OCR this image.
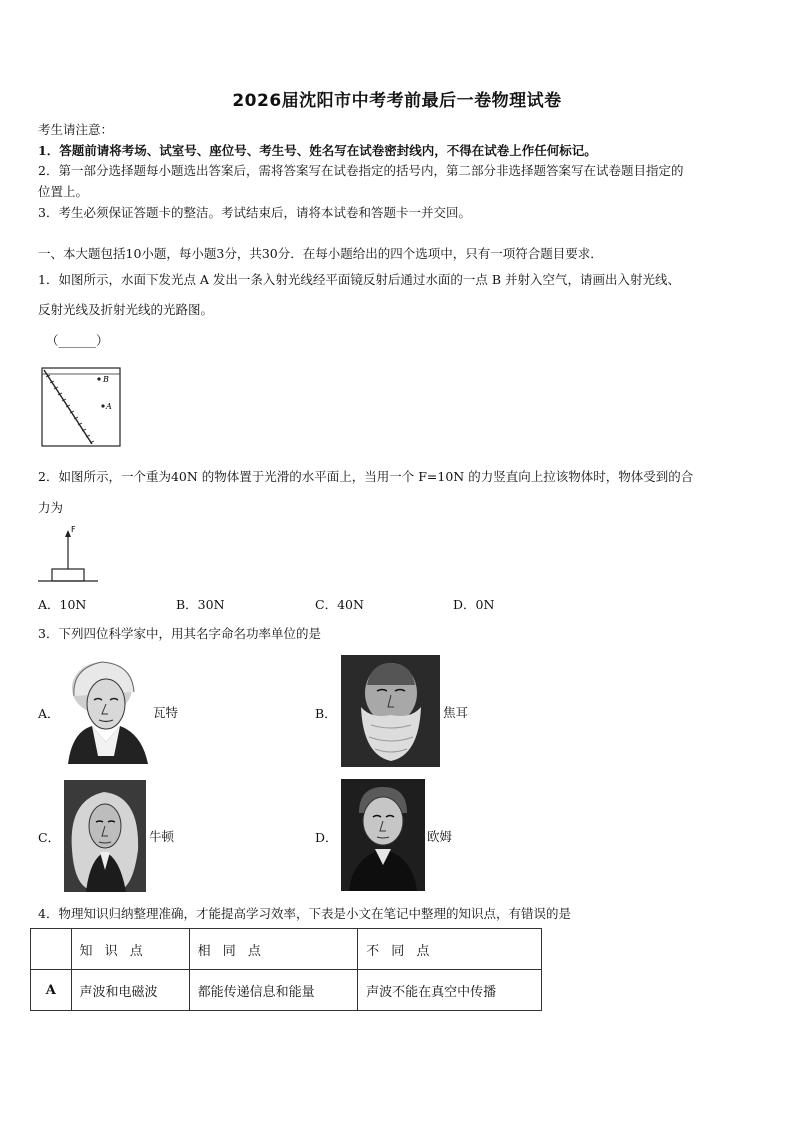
2026届沈阳市中考考前最后一卷物理试卷
考生请注意：
1．答题前请将考场、试室号、座位号、考生号、姓名写在试卷密封线内，不得在试卷上作任何标记。
2．第一部分选择题每小题选出答案后，需将答案写在试卷指定的括号内，第二部分非选择题答案写在试卷题目指定的
位置上。
3．考生必须保证答题卡的整洁。考试结束后，请将本试卷和答题卡一并交回。
一、本大题包括10小题，每小题3分，共30分．在每小题给出的四个选项中，只有一项符合题目要求．
1．如图所示，水面下发光点 A 发出一条入射光线经平面镜反射后通过水面的一点 B 并射入空气，请画出入射光线、
反射光线及折射光线的光路图。
（______）
B
A
2．如图所示，一个重为40N 的物体置于光滑的水平面上，当用一个 F=10N 的力竖直向上拉该物体时，物体受到的合
力为
F
A．10N	B．30N	C．40N	D．0N
3．下列四位科学家中，用其名字命名功率单位的是
A．	瓦特	B．	焦耳
C．	牛顿	D．	欧姆
4．物理知识归纳整理准确，才能提高学习效率，下表是小文在笔记中整理的知识点，有错误的是
	知 识 点	相 同 点	不 同 点
A	声波和电磁波	都能传递信息和能量	声波不能在真空中传播
